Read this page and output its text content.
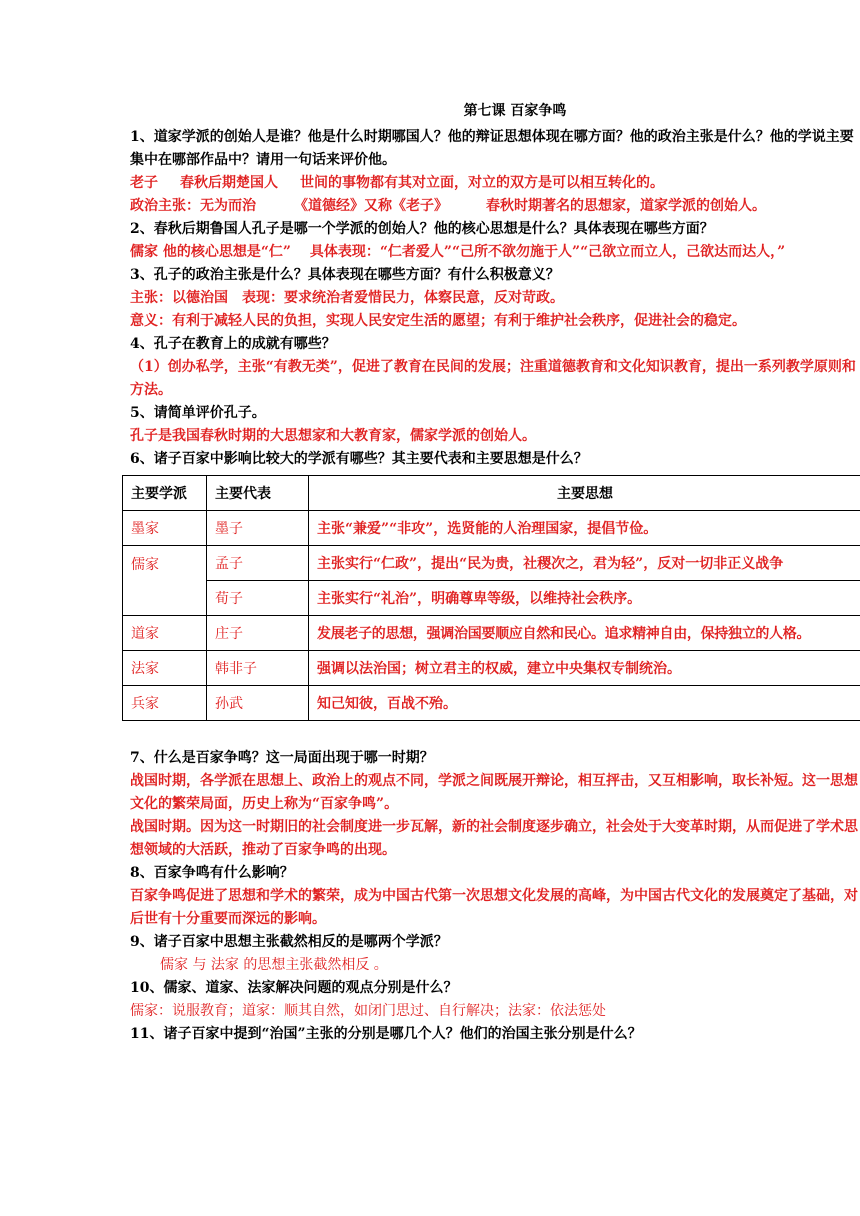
第七课 百家争鸣

1、道家学派的创始人是谁？他是什么时期哪国人？他的辩证思想体现在哪方面？他的政治主张是什么？他的学说主要集中在哪部作品中？请用一句话来评价他。

老子 春秋后期楚国人 世间的事物都有其对立面，对立的双方是可以相互转化的。

政治主张：无为而治	《道德经》又称《老子》	春秋时期著名的思想家，道家学派的创始人。

2、春秋后期鲁国人孔子是哪一个学派的创始人？他的核心思想是什么？具体表现在哪些方面？

儒家 他的核心思想是“仁”　 具体表现：“仁者爱人”“己所不欲勿施于人”“己欲立而立人，己欲达而达人，”

3、孔子的政治主张是什么？具体表现在哪些方面？有什么积极意义？

主张：以德治国　表现：要求统治者爱惜民力，体察民意，反对苛政。

意义：有利于减轻人民的负担，实现人民安定生活的愿望；有利于维护社会秩序，促进社会的稳定。

4、孔子在教育上的成就有哪些？

（1）创办私学，主张“有教无类”，促进了教育在民间的发展；注重道德教育和文化知识教育，提出一系列教学原则和方法。

5、请简单评价孔子。

孔子是我国春秋时期的大思想家和大教育家，儒家学派的创始人。

6、诸子百家中影响比较大的学派有哪些？其主要代表和主要思想是什么？

主要学派	主要代表	主要思想
墨家	墨子	主张“兼爱”“非攻”，选贤能的人治理国家，提倡节俭。
儒家	孟子	主张实行“仁政”，提出“民为贵，社稷次之，君为轻”，反对一切非正义战争
	荀子	主张实行“礼治”，明确尊卑等级，以维持社会秩序。
道家	庄子	发展老子的思想，强调治国要顺应自然和民心。追求精神自由，保持独立的人格。
法家	韩非子	强调以法治国；树立君主的权威，建立中央集权专制统治。
兵家	孙武	知己知彼，百战不殆。

7、什么是百家争鸣？这一局面出现于哪一时期？

战国时期，各学派在思想上、政治上的观点不同，学派之间既展开辩论，相互抨击，又互相影响，取长补短。这一思想文化的繁荣局面，历史上称为“百家争鸣”。

战国时期。因为这一时期旧的社会制度进一步瓦解，新的社会制度逐步确立，社会处于大变革时期，从而促进了学术思想领域的大活跃，推动了百家争鸣的出现。

8、百家争鸣有什么影响？

百家争鸣促进了思想和学术的繁荣，成为中国古代第一次思想文化发展的高峰，为中国古代文化的发展奠定了基础，对后世有十分重要而深远的影响。

9、诸子百家中思想主张截然相反的是哪两个学派？

儒家 与 法家 的思想主张截然相反 。

10、儒家、道家、法家解决问题的观点分别是什么？

儒家：说服教育；道家：顺其自然，如闭门思过、自行解决；法家：依法惩处

11、诸子百家中提到“治国”主张的分别是哪几个人？他们的治国主张分别是什么？
